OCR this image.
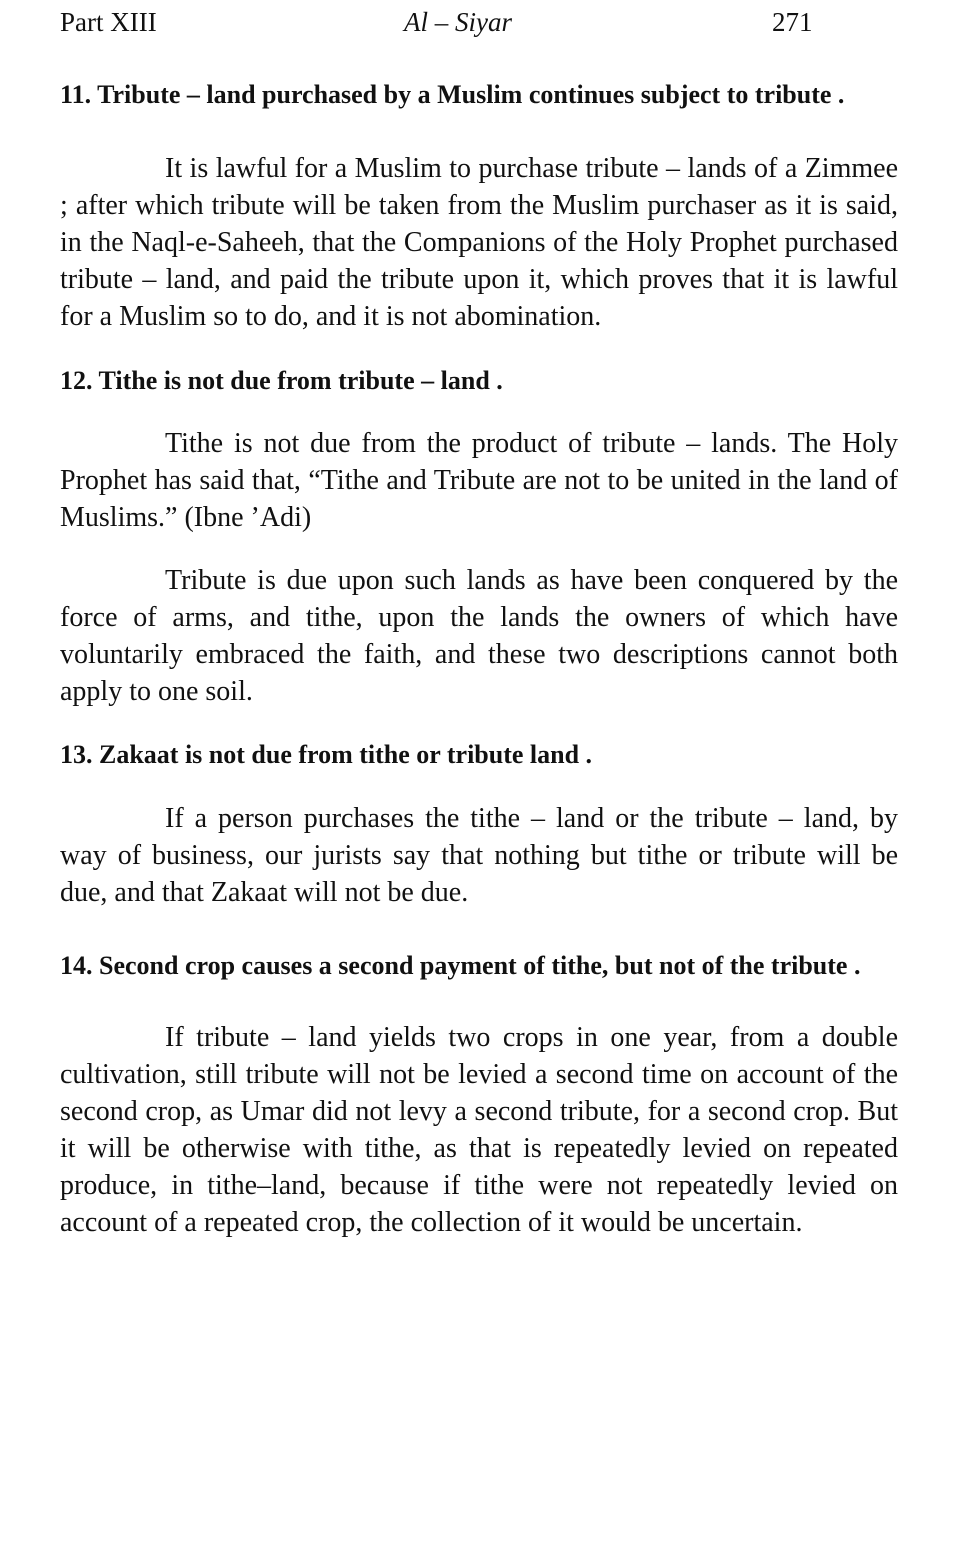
Part XIII	Al – Siyar	271
11. Tribute – land purchased by a Muslim continues subject to tribute .

It is lawful for a Muslim to purchase tribute – lands of a Zimmee ; after which tribute will be taken from the Muslim purchaser as it is said, in the Naql-e-Saheeh, that the Companions of the Holy Prophet purchased tribute – land, and paid the tribute upon it, which proves that it is lawful for a Muslim so to do, and it is not abomination.

12. Tithe is not due from tribute – land .

Tithe is not due from the product of tribute – lands. The Holy Prophet has said that, “Tithe and Tribute are not to be united in the land of Muslims.” (Ibne ’Adi)

Tribute is due upon such lands as have been conquered by the force of arms, and tithe, upon the lands the owners of which have voluntarily embraced the faith, and these two descriptions cannot both apply to one soil.

13. Zakaat is not due from tithe or tribute land .

If a person purchases the tithe – land or the tribute – land, by way of business, our jurists say that nothing but tithe or tribute will be due, and that Zakaat will not be due.

14. Second crop causes a second payment of tithe, but not of the tribute .

If tribute – land yields two crops in one year, from a double cultivation, still tribute will not be levied a second time on account of the second crop, as Umar did not levy a second tribute, for a second crop. But it will be otherwise with tithe, as that is repeatedly levied on repeated produce, in tithe–land, because if tithe were not repeatedly levied on account of a repeated crop, the collection of it would be uncertain.
